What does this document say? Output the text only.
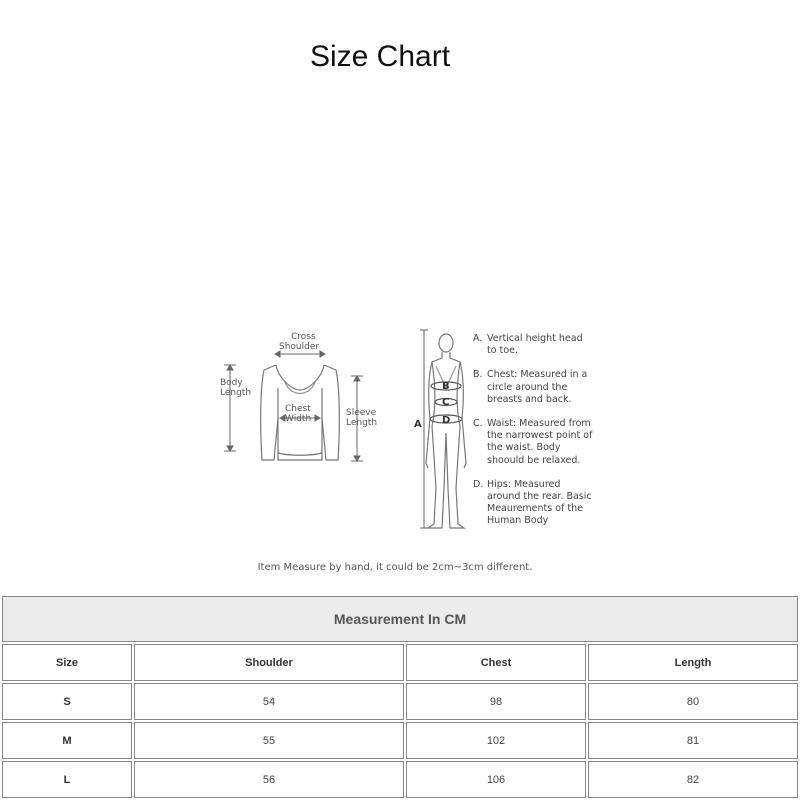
Size Chart
Cross
Shoulder
Body
Length
Chest
Width
Sleeve
Length	A
B
C
D
A. Vertical height head to toe.
B. Chest: Measured in a circle around the breasts and back.
C. Waist: Measured from the narrowest point of the waist. Body shoould be relaxed.
D. Hips: Measured around the rear. Basic Meaurements of the Human Body
Item Measure by hand, it could be 2cm~3cm different.
Measurement In CM			
Size	Shoulder	Chest	Length
S	54	98	80
M	55	102	81
L	56	106	82
